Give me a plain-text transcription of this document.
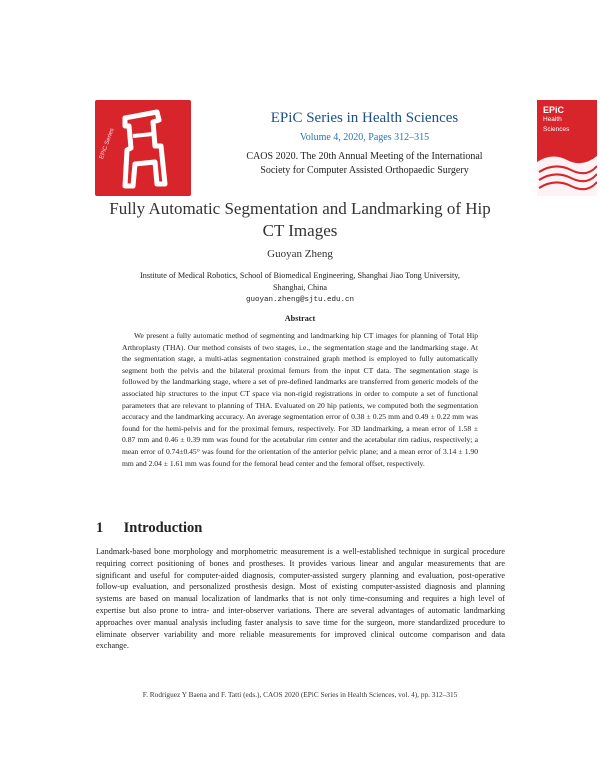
EPiC Series
EPiC Series in Health Sciences
Volume 4, 2020, Pages 312–315
CAOS 2020. The 20th Annual Meeting of the International
Society for Computer Assisted Orthopaedic Surgery
EPiC
Health
Sciences
Fully Automatic Segmentation and Landmarking of Hip
CT Images
Guoyan Zheng
Institute of Medical Robotics, School of Biomedical Engineering, Shanghai Jiao Tong University,
Shanghai, China
guoyan.zheng@sjtu.edu.cn
Abstract
We present a fully automatic method of segmenting and landmarking hip CT images for planning of Total Hip Arthroplasty (THA). Our method consists of two stages, i.e., the segmentation stage and the landmarking stage. At the segmentation stage, a multi-atlas segmentation constrained graph method is employed to fully automatically segment both the pelvis and the bilateral proximal femurs from the input CT data. The segmentation stage is followed by the landmarking stage, where a set of pre-defined landmarks are transferred from generic models of the associated hip structures to the input CT space via non-rigid registrations in order to compute a set of functional parameters that are relevant to planning of THA. Evaluated on 20 hip patients, we computed both the segmentation accuracy and the landmarking accuracy. An average segmentation error of 0.38 ± 0.25 mm and 0.49 ± 0.22 mm was found for the hemi-pelvis and for the proximal femurs, respectively. For 3D landmarking, a mean error of 1.58 ± 0.87 mm and 0.46 ± 0.39 mm was found for the acetabular rim center and the acetabular rim radius, respectively; a mean error of 0.74±0.45° was found for the orientation of the anterior pelvic plane; and a mean error of 3.14 ± 1.90 mm and 2.04 ± 1.61 mm was found for the femoral head center and the femoral offset, respectively.
1 Introduction
Landmark-based bone morphology and morphometric measurement is a well-established technique in surgical procedure requiring correct positioning of bones and prostheses. It provides various linear and angular measurements that are significant and useful for computer-aided diagnosis, computer-assisted surgery planning and evaluation, post-operative follow-up evaluation, and personalized prosthesis design. Most of existing computer-assisted diagnosis and planning systems are based on manual localization of landmarks that is not only time-consuming and requires a high level of expertise but also prone to intra- and inter-observer variations. There are several advantages of automatic landmarking approaches over manual analysis including faster analysis to save time for the surgeon, more standardized procedure to eliminate observer variability and more reliable measurements for improved clinical outcome comparison and data exchange.
F. Rodriguez Y Baena and F. Tatti (eds.), CAOS 2020 (EPiC Series in Health Sciences, vol. 4), pp. 312–315
